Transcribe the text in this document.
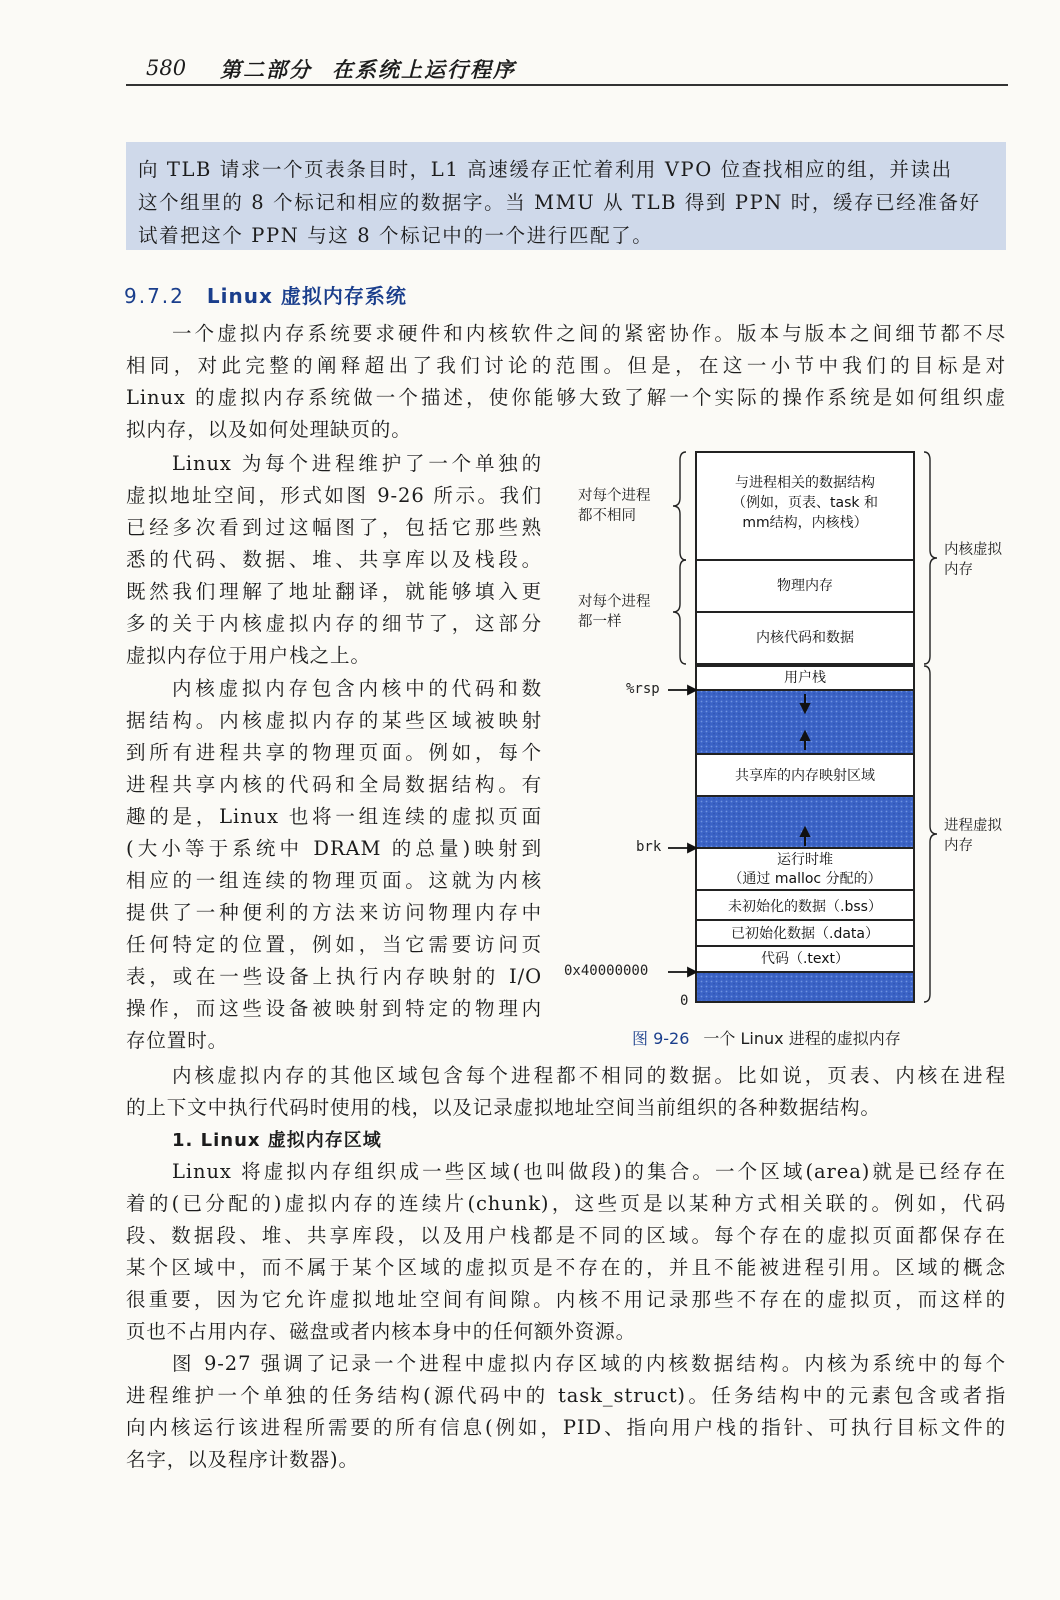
580 第二部分 在系统上运行程序

向 TLB 请求一个页表条目时，L1 高速缓存正忙着利用 VPO 位查找相应的组，并读出

这个组里的 8 个标记和相应的数据字。当 MMU 从 TLB 得到 PPN 时，缓存已经准备好

试着把这个 PPN 与这 8 个标记中的一个进行匹配了。

9.7.2 Linux 虚拟内存系统
一个虚拟内存系统要求硬件和内核软件之间的紧密协作。版本与版本之间细节都不尽
相同，对此完整的阐释超出了我们讨论的范围。但是，在这一小节中我们的目标是对
Linux 的虚拟内存系统做一个描述，使你能够大致了解一个实际的操作系统是如何组织虚
拟内存，以及如何处理缺页的。
Linux 为每个进程维护了一个单独的
虚拟地址空间，形式如图 9-26 所示。我们
已经多次看到过这幅图了，包括它那些熟
悉的代码、数据、堆、共享库以及栈段。
既然我们理解了地址翻译，就能够填入更
多的关于内核虚拟内存的细节了，这部分
虚拟内存位于用户栈之上。
内核虚拟内存包含内核中的代码和数
据结构。内核虚拟内存的某些区域被映射
到所有进程共享的物理页面。例如，每个
进程共享内核的代码和全局数据结构。有
趣的是，Linux 也将一组连续的虚拟页面
(大小等于系统中 DRAM 的总量)映射到
相应的一组连续的物理页面。这就为内核
提供了一种便利的方法来访问物理内存中
任何特定的位置，例如，当它需要访问页
表，或在一些设备上执行内存映射的 I/O
操作，而这些设备被映射到特定的物理内
存位置时。
与进程相关的数据结构
（例如，页表、task 和
mm结构，内核栈）
物理内存
内核代码和数据
用户栈
共享库的内存映射区域
运行时堆
（通过 malloc 分配的）
未初始化的数据（.bss）
已初始化数据（.data）
代码（.text）
对每个进程
都不相同
对每个进程
都一样
内核虚拟
内存
进程虚拟
内存
%rsp
brk
0x40000000
0
图 9-26 一个 Linux 进程的虚拟内存
内核虚拟内存的其他区域包含每个进程都不相同的数据。比如说，页表、内核在进程
的上下文中执行代码时使用的栈，以及记录虚拟地址空间当前组织的各种数据结构。
1. Linux 虚拟内存区域
Linux 将虚拟内存组织成一些区域(也叫做段)的集合。一个区域(area)就是已经存在
着的(已分配的)虚拟内存的连续片(chunk)，这些页是以某种方式相关联的。例如，代码
段、数据段、堆、共享库段，以及用户栈都是不同的区域。每个存在的虚拟页面都保存在
某个区域中，而不属于某个区域的虚拟页是不存在的，并且不能被进程引用。区域的概念
很重要，因为它允许虚拟地址空间有间隙。内核不用记录那些不存在的虚拟页，而这样的
页也不占用内存、磁盘或者内核本身中的任何额外资源。
图 9-27 强调了记录一个进程中虚拟内存区域的内核数据结构。内核为系统中的每个
进程维护一个单独的任务结构(源代码中的 task_struct)。任务结构中的元素包含或者指
向内核运行该进程所需要的所有信息(例如，PID、指向用户栈的指针、可执行目标文件的
名字，以及程序计数器)。
